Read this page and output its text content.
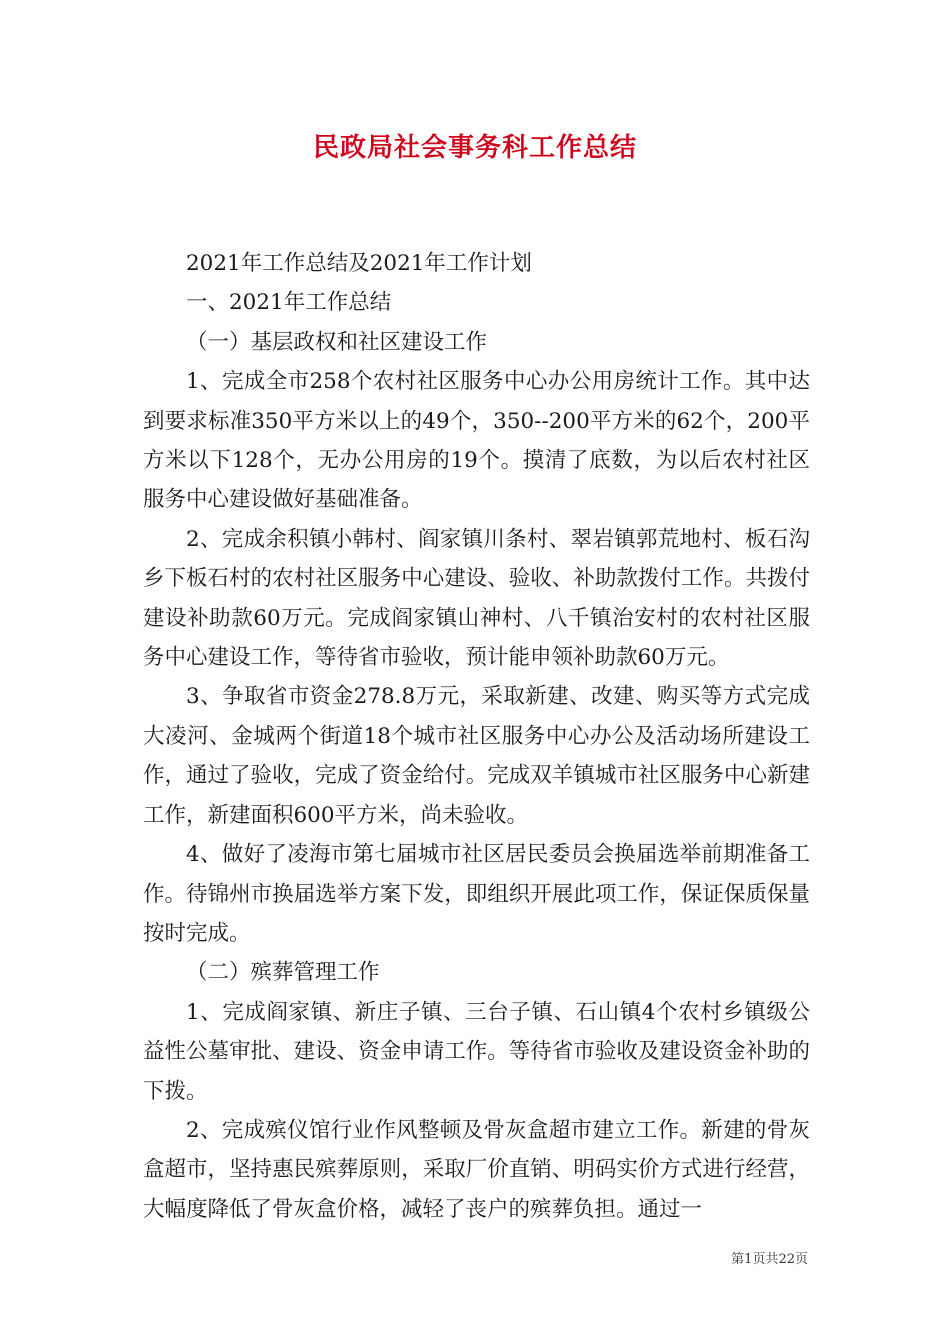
民政局社会事务科工作总结

2021年工作总结及2021年工作计划

一、2021年工作总结

（一）基层政权和社区建设工作

1、完成全市258个农村社区服务中心办公用房统计工作。其中达到要求标准350平方米以上的49个，350--200平方米的62个，200平方米以下128个，无办公用房的19个。摸清了底数，为以后农村社区服务中心建设做好基础准备。

2、完成余积镇小韩村、阎家镇川条村、翠岩镇郭荒地村、板石沟乡下板石村的农村社区服务中心建设、验收、补助款拨付工作。共拨付建设补助款60万元。完成阎家镇山神村、八千镇治安村的农村社区服务中心建设工作，等待省市验收，预计能申领补助款60万元。

3、争取省市资金278.8万元，采取新建、改建、购买等方式完成大凌河、金城两个街道18个城市社区服务中心办公及活动场所建设工作，通过了验收，完成了资金给付。完成双羊镇城市社区服务中心新建工作，新建面积600平方米，尚未验收。

4、做好了凌海市第七届城市社区居民委员会换届选举前期准备工作。待锦州市换届选举方案下发，即组织开展此项工作，保证保质保量按时完成。

（二）殡葬管理工作

1、完成阎家镇、新庄子镇、三台子镇、石山镇4个农村乡镇级公益性公墓审批、建设、资金申请工作。等待省市验收及建设资金补助的下拨。

2、完成殡仪馆行业作风整顿及骨灰盒超市建立工作。新建的骨灰盒超市，坚持惠民殡葬原则，采取厂价直销、明码实价方式进行经营，大幅度降低了骨灰盒价格，减轻了丧户的殡葬负担。通过一

第1页共22页
